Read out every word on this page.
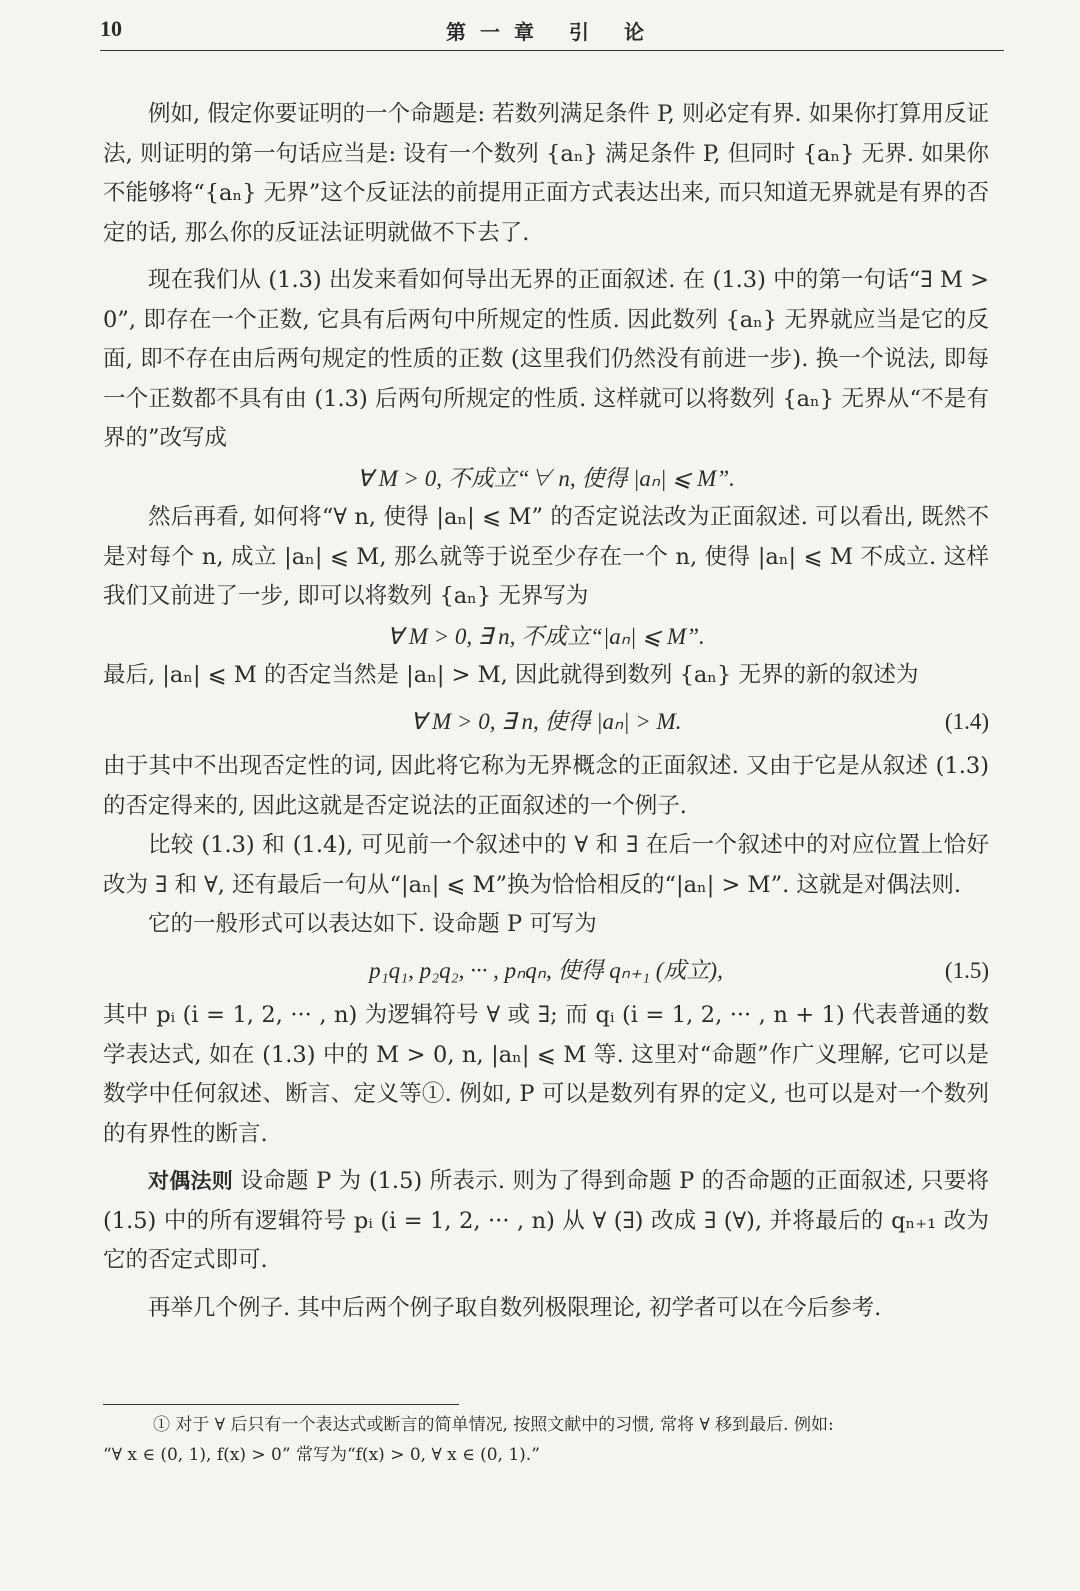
10	第一章 引 论

例如, 假定你要证明的一个命题是: 若数列满足条件 P, 则必定有界. 如果你打算用反证法, 则证明的第一句话应当是: 设有一个数列 {aₙ} 满足条件 P, 但同时 {aₙ} 无界. 如果你不能够将“{aₙ} 无界”这个反证法的前提用正面方式表达出来, 而只知道无界就是有界的否定的话, 那么你的反证法证明就做不下去了.

现在我们从 (1.3) 出发来看如何导出无界的正面叙述. 在 (1.3) 中的第一句话“∃ M > 0”, 即存在一个正数, 它具有后两句中所规定的性质. 因此数列 {aₙ} 无界就应当是它的反面, 即不存在由后两句规定的性质的正数 (这里我们仍然没有前进一步). 换一个说法, 即每一个正数都不具有由 (1.3) 后两句所规定的性质. 这样就可以将数列 {aₙ} 无界从“不是有界的”改写成

∀ M > 0, 不成立“∀ n, 使得 |aₙ| ⩽ M”.

然后再看, 如何将“∀ n, 使得 |aₙ| ⩽ M” 的否定说法改为正面叙述. 可以看出, 既然不是对每个 n, 成立 |aₙ| ⩽ M, 那么就等于说至少存在一个 n, 使得 |aₙ| ⩽ M 不成立. 这样我们又前进了一步, 即可以将数列 {aₙ} 无界写为

∀ M > 0, ∃ n, 不成立“|aₙ| ⩽ M”.

最后, |aₙ| ⩽ M 的否定当然是 |aₙ| > M, 因此就得到数列 {aₙ} 无界的新的叙述为

∀ M > 0, ∃ n, 使得 |aₙ| > M.	(1.4)

由于其中不出现否定性的词, 因此将它称为无界概念的正面叙述. 又由于它是从叙述 (1.3) 的否定得来的, 因此这就是否定说法的正面叙述的一个例子.

比较 (1.3) 和 (1.4), 可见前一个叙述中的 ∀ 和 ∃ 在后一个叙述中的对应位置上恰好改为 ∃ 和 ∀, 还有最后一句从“|aₙ| ⩽ M”换为恰恰相反的“|aₙ| > M”. 这就是对偶法则.

它的一般形式可以表达如下. 设命题 P 可写为

p₁q₁, p₂q₂, ··· , pₙqₙ, 使得 qₙ₊₁ (成立),	(1.5)

其中 pᵢ (i = 1, 2, ··· , n) 为逻辑符号 ∀ 或 ∃; 而 qᵢ (i = 1, 2, ··· , n + 1) 代表普通的数学表达式, 如在 (1.3) 中的 M > 0, n, |aₙ| ⩽ M 等. 这里对“命题”作广义理解, 它可以是数学中任何叙述、断言、定义等①. 例如, P 可以是数列有界的定义, 也可以是对一个数列的有界性的断言.

对偶法则 设命题 P 为 (1.5) 所表示. 则为了得到命题 P 的否命题的正面叙述, 只要将 (1.5) 中的所有逻辑符号 pᵢ (i = 1, 2, ··· , n) 从 ∀ (∃) 改成 ∃ (∀), 并将最后的 qₙ₊₁ 改为它的否定式即可.

再举几个例子. 其中后两个例子取自数列极限理论, 初学者可以在今后参考.

① 对于 ∀ 后只有一个表达式或断言的简单情况, 按照文献中的习惯, 常将 ∀ 移到最后. 例如:

“∀ x ∈ (0, 1), f(x) > 0” 常写为“f(x) > 0, ∀ x ∈ (0, 1).”
